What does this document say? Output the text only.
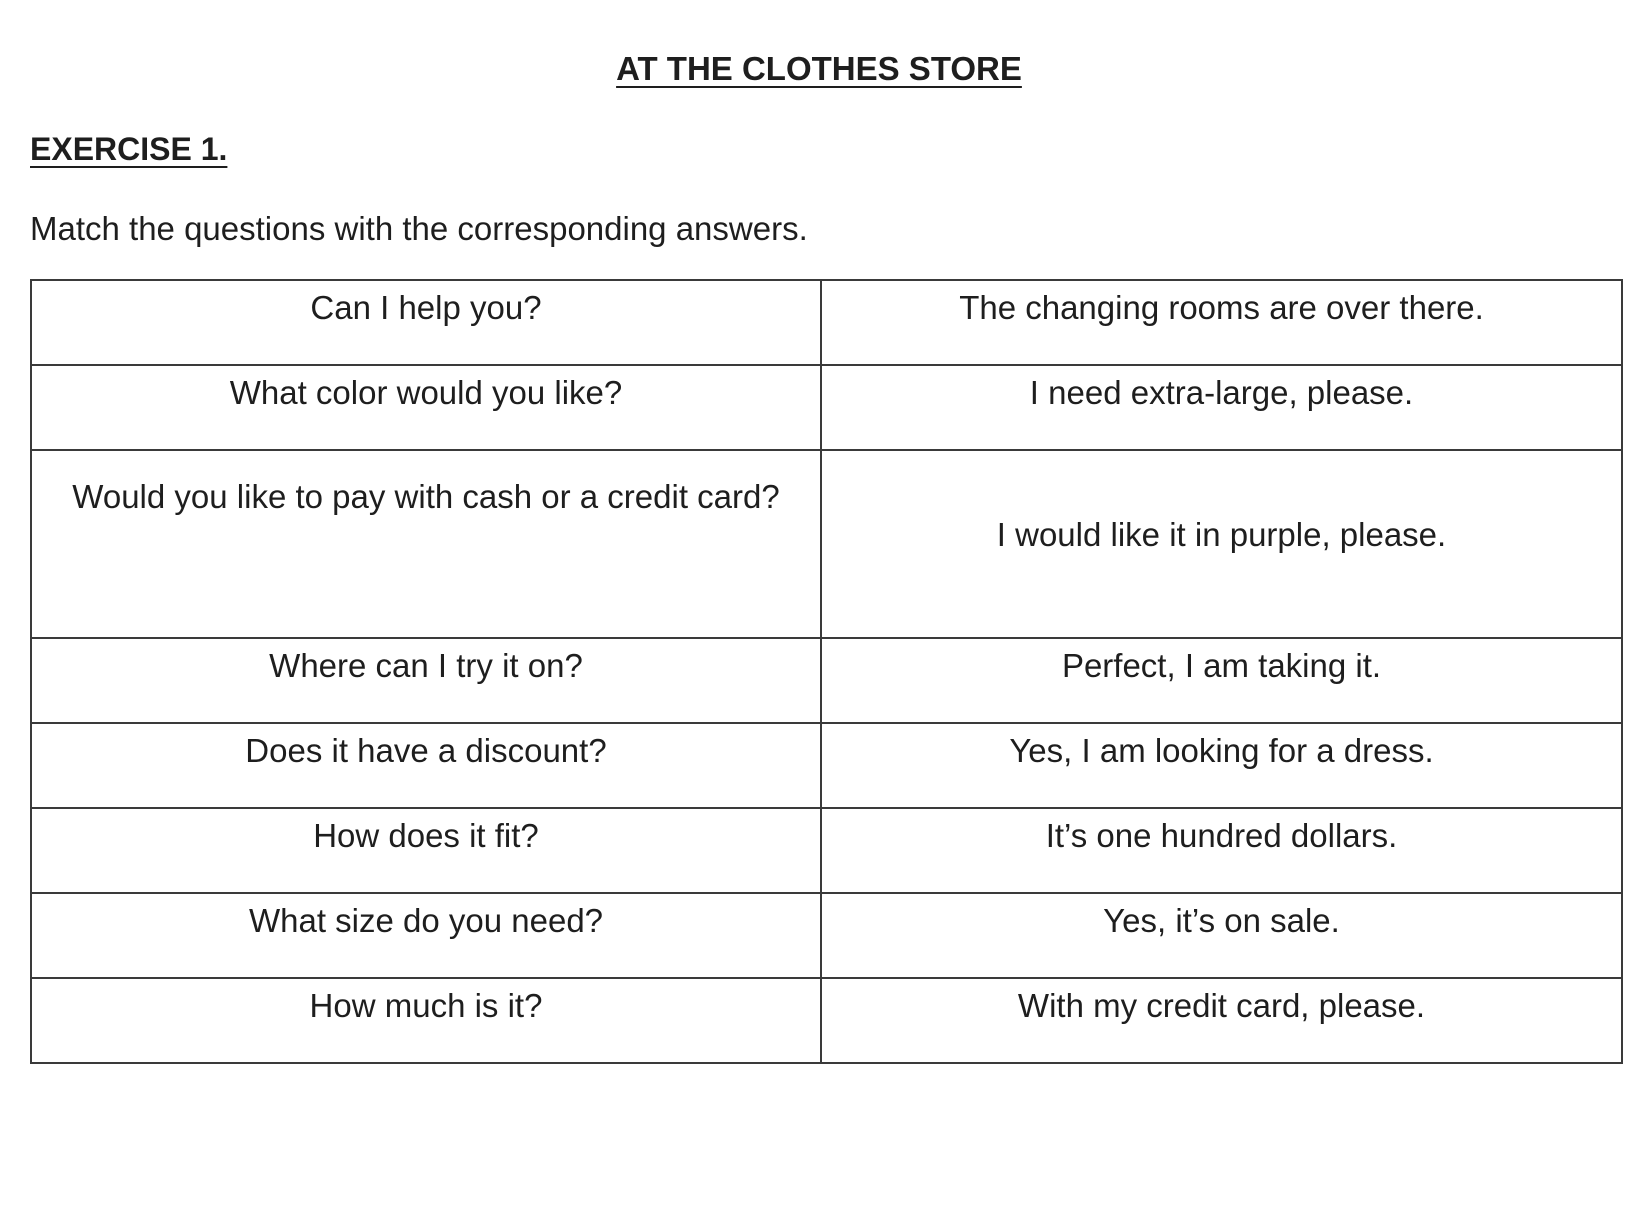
AT THE CLOTHES STORE
EXERCISE 1.
Match the questions with the corresponding answers.
Can I help you?	The changing rooms are over there.
What color would you like?	I need extra-large, please.
Would you like to pay with cash or a credit card?	I would like it in purple, please.
Where can I try it on?	Perfect, I am taking it.
Does it have a discount?	Yes, I am looking for a dress.
How does it fit?	It’s one hundred dollars.
What size do you need?	Yes, it’s on sale.
How much is it?	With my credit card, please.
